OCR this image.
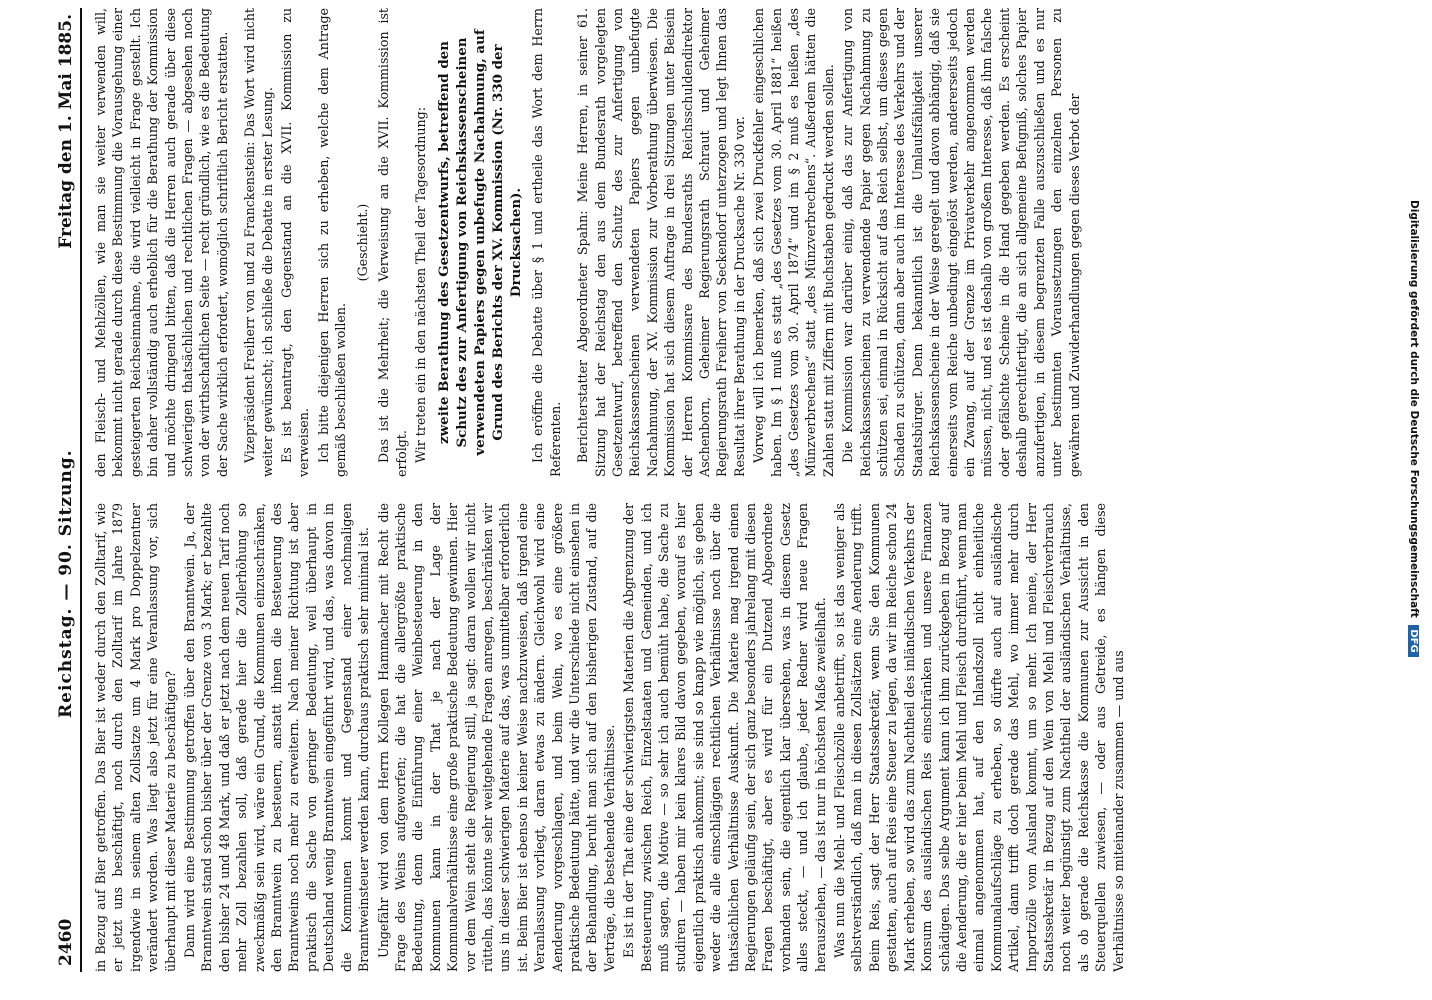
2460
Reichstag. — 90. Sitzung.
Freitag den 1. Mai 1885.

in Bezug auf Bier getroffen. Das Bier ist weder durch den Zolltarif, wie er jetzt uns beschäftigt, noch durch den Zolltarif im Jahre 1879 irgendwie in seinem alten Zollsatze um 4 Mark pro Doppelzentner verändert worden. Was liegt also jetzt für eine Veranlassung vor, sich überhaupt mit dieser Materie zu beschäftigen? Dann wird eine Bestimmung getroffen über den Branntwein. Ja, der Branntwein stand schon bisher über der Grenze von 3 Mark; er bezahlte den bisher 24 und 48 Mark, und daß er jetzt nach dem neuen Tarif noch mehr Zoll bezahlen soll, daß gerade hier die Zollerhöhung so zweckmäßig sein wird, wäre ein Grund, die Kommunen einzuschränken, den Branntwein zu besteuern, anstatt ihnen die Besteuerung des Branntweins noch mehr zu erweitern. Nach meiner Richtung ist aber praktisch die Sache von geringer Bedeutung, weil überhaupt in Deutschland wenig Branntwein eingeführt wird, und das, was davon in die Kommunen kommt und Gegenstand einer nochmaligen Branntweinsteuer werden kann, durchaus praktisch sehr minimal ist. Ungefähr wird von dem Herrn Kollegen Hammacher mit Recht die Frage des Weins aufgeworfen; die hat die allergrößte praktische Bedeutung, denn die Einführung einer Weinbesteuerung in den Kommunen kann in der That je nach der Lage der Kommunalverhältnisse eine große praktische Bedeutung gewinnen. Hier vor dem Wein steht die Regierung still, ja sagt: daran wollen wir nicht rütteln, das könnte sehr weitgehende Fragen anregen, beschränken wir uns in dieser schwierigen Materie auf das, was unmittelbar erforderlich ist. Beim Bier ist ebenso in keiner Weise nachzuweisen, daß irgend eine Veranlassung vorliegt, daran etwas zu ändern. Gleichwohl wird eine Aenderung vorgeschlagen, und beim Wein, wo es eine größere praktische Bedeutung hätte, und wir die Unterschiede nicht einsehen in der Behandlung, beruht man sich auf den bisherigen Zustand, auf die Verträge, die bestehende Verhältnisse. Es ist in der That eine der schwierigsten Materien die Abgrenzung der Besteuerung zwischen Reich, Einzelstaaten und Gemeinden, und ich muß sagen, die Motive — so sehr ich auch bemüht habe, die Sache zu studiren — haben mir kein klares Bild davon gegeben, worauf es hier eigentlich praktisch ankommt; sie sind so knapp wie möglich, sie geben weder die alle einschlägigen rechtlichen Verhältnisse noch über die thatsächlichen Verhältnisse Auskunft. Die Materie mag irgend einen Regierungen geläufig sein, der sich ganz besonders jahrelang mit diesen Fragen beschäftigt, aber es wird für ein Dutzend Abgeordnete vorhanden sein, die eigentlich klar übersehen, was in diesem Gesetz alles steckt, — und ich glaube, jeder Redner wird neue Fragen herausziehen, — das ist nur in höchsten Maße zweifelhaft. Was nun die Mehl- und Fleischzölle anbetrifft, so ist das weniger als selbstverständlich, daß man in diesen Zollsätzen eine Aenderung trifft. Beim Reis, sagt der Herr Staatssekretär, wenn Sie den Kommunen gestatten, auch auf Reis eine Steuer zu legen, da wir im Reiche schon 24 Mark erheben, so wird das zum Nachtheil des inländischen Verkehrs der Konsum des ausländischen Reis einschränken und unsere Finanzen schädigen. Das selbe Argument kann ich ihm zurückgeben in Bezug auf die Aenderung, die er hier beim Mehl und Fleisch durchführt, wenn man einmal angenommen hat, auf den Inlandszoll nicht einheitliche Kommunalaufschläge zu erheben, so dürfte auch auf ausländische Artikel, dann trifft doch gerade das Mehl, wo immer mehr durch Importzölle vom Ausland kommt, um so mehr. Ich meine, der Herr Staatssekretär in Bezug auf den Wein von Mehl und Fleischverbrauch noch weiter begünstigt zum Nachtheil der ausländischen Verhältnisse, als ob gerade die Reichskasse die Kommunen zur Aussicht in den Steuerquellen zuwiesen, — oder aus Getreide, es hängen diese Verhältnisse so miteinander zusammen — und aus

den Fleisch- und Mehlzöllen, wie man sie weiter verwenden will, bekommt nicht gerade durch diese Bestimmung die Vorausgehung einer gesteigerten Reichseinnahme, die wird vielleicht in Frage gestellt. Ich bin daher vollständig auch erheblich für die Berathung der Kommission und möchte dringend bitten, daß die Herren auch gerade über diese schwierigen thatsächlichen und rechtlichen Fragen — abgesehen noch von der wirthschaftlichen Seite — recht gründlich, wie es die Bedeutung der Sache wirklich erfordert, womöglich schriftlich Bericht erstatten. Vizepräsident Freiherr von und zu Franckenstein: Das Wort wird nicht weiter gewünscht; ich schließe die Debatte in erster Lesung. Es ist beantragt, den Gegenstand an die XVII. Kommission zu verweisen. Ich bitte diejenigen Herren sich zu erheben, welche dem Antrage gemäß beschließen wollen.

(Geschieht.) Das ist die Mehrheit; die Verweisung an die XVII. Kommission ist erfolgt. Wir treten ein in den nächsten Theil der Tagesordnung: zweite Berathung des Gesetzentwurfs, betreffend den Schutz des zur Anfertigung von Reichskassenscheinen verwendeten Papiers gegen unbefugte Nachahmung, auf Grund des Berichts der XV. Kommission (Nr. 330 der Drucksachen). Ich eröffne die Debatte über § 1 und ertheile das Wort dem Herrn Referenten. Berichterstatter Abgeordneter Spahn: Meine Herren, in seiner 61. Sitzung hat der Reichstag den aus dem Bundesrath vorgelegten Gesetzentwurf, betreffend den Schutz des zur Anfertigung von Reichskassenscheinen verwendeten Papiers gegen unbefugte Nachahmung, der XV. Kommission zur Vorberathung überwiesen. Die Kommission hat sich diesem Auftrage in drei Sitzungen unter Beisein der Herren Kommissare des Bundesraths Reichsschuldendirektor Aschenborn, Geheimer Regierungsrath Schraut und Geheimer Regierungsrath Freiherr von Seckendorf unterzogen und legt Ihnen das Resultat ihrer Berathung in der Drucksache Nr. 330 vor. Vorweg will ich bemerken, daß sich zwei Druckfehler eingeschlichen haben. Im § 1 muß es statt „des Gesetzes vom 30. April 1881“ heißen „des Gesetzes vom 30. April 1874“ und im § 2 muß es heißen „des Münzverbrechens“ statt „des Münzverbrechens“. Außerdem hätten die Zahlen statt mit Ziffern mit Buchstaben gedruckt werden sollen. Die Kommission war darüber einig, daß das zur Anfertigung von Reichskassenscheinen zu verwendende Papier gegen Nachahmung zu schützen sei, einmal in Rücksicht auf das Reich selbst, um dieses gegen Schaden zu schützen, dann aber auch im Interesse des Verkehrs und der Staatsbürger. Denn bekanntlich ist die Umlaufsfähigkeit unserer Reichskassenscheine in der Weise geregelt und davon abhängig, daß sie einerseits vom Reiche unbedingt eingelöst werden, andererseits jedoch ein Zwang, auf der Grenze im Privatverkehr angenommen werden müssen, nicht, und es ist deshalb von großem Interesse, daß ihm falsche oder gefälschte Scheine in die Hand gegeben werden. Es erscheint deshalb gerechtfertigt, die an sich allgemeine Befugniß, solches Papier anzufertigen, in diesem begrenzten Falle auszuschließen und es nur unter bestimmten Voraussetzungen den einzelnen Personen zu gewähren und Zuwiderhandlungen gegen dieses Verbot der	Digitalisierung gefördert durch die Deutsche Forschungsgemeinschaft DFG
